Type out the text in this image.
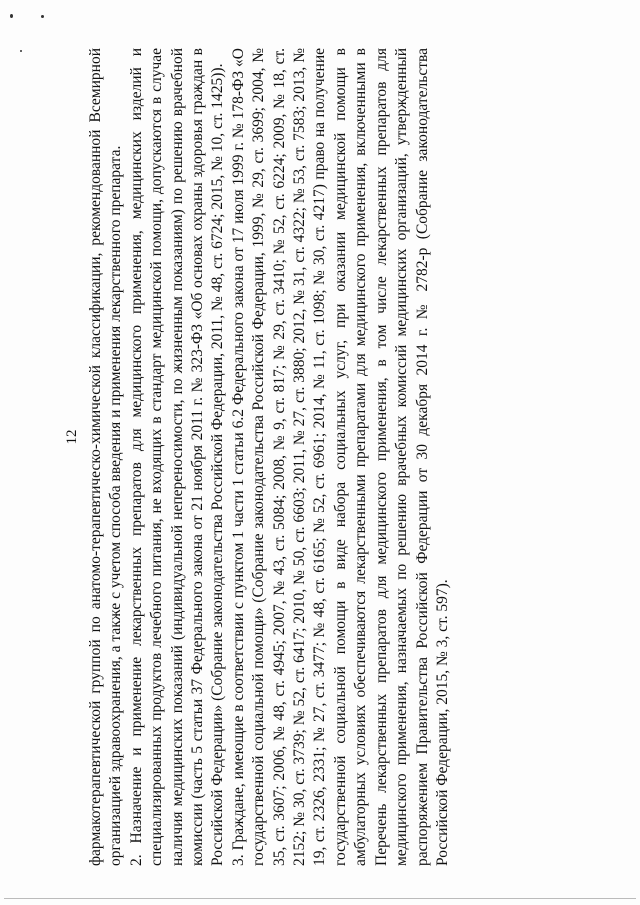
12 фармакотерапевтической группой по анатомо-терапевтическо-химической классификации, рекомендованной Всемирной организацией здравоохранения, а также с учетом способа введения и применения лекарственного препарата. 2. Назначение и применение лекарственных препаратов для медицинского применения, медицинских изделий и специализированных продуктов лечебного питания, не входящих в стандарт медицинской помощи, допускаются в случае наличия медицинских показаний (индивидуальной непереносимости, по жизненным показаниям) по решению врачебной комиссии (часть 5 статьи 37 Федерального закона от 21 ноября 2011 г. № 323-ФЗ «Об основах охраны здоровья граждан в Российской Федерации» (Собрание законодательства Российской Федерации, 2011, № 48, ст. 6724; 2015, № 10, ст. 1425)). 3. Граждане, имеющие в соответствии с пунктом 1 части 1 статьи 6.2 Федерального закона от 17 июля 1999 г. № 178-ФЗ «О государственной социальной помощи» (Собрание законодательства Российской Федерации, 1999, № 29, ст. 3699; 2004, № 35, ст. 3607; 2006, № 48, ст. 4945; 2007, № 43, ст. 5084; 2008, № 9, ст. 817; № 29, ст. 3410; № 52, ст. 6224; 2009, № 18, ст. 2152; № 30, ст. 3739; № 52, ст. 6417; 2010, № 50, ст. 6603; 2011, № 27, ст. 3880; 2012, № 31, ст. 4322; № 53, ст. 7583; 2013, № 19, ст. 2326, 2331; № 27, ст. 3477; № 48, ст. 6165; № 52, ст. 6961; 2014, № 11, ст. 1098; № 30, ст. 4217) право на получение государственной социальной помощи в виде набора социальных услуг, при оказании медицинской помощи в амбулаторных условиях обеспечиваются лекарственными препаратами для медицинского применения, включенными в Перечень лекарственных препаратов для медицинского применения, в том числе лекарственных препаратов для медицинского применения, назначаемых по решению врачебных комиссий медицинских организаций, утвержденный распоряжением Правительства Российской Федерации от 30 декабря 2014 г. № 2782-р (Собрание законодательства Российской Федерации, 2015, № 3, ст. 597).
